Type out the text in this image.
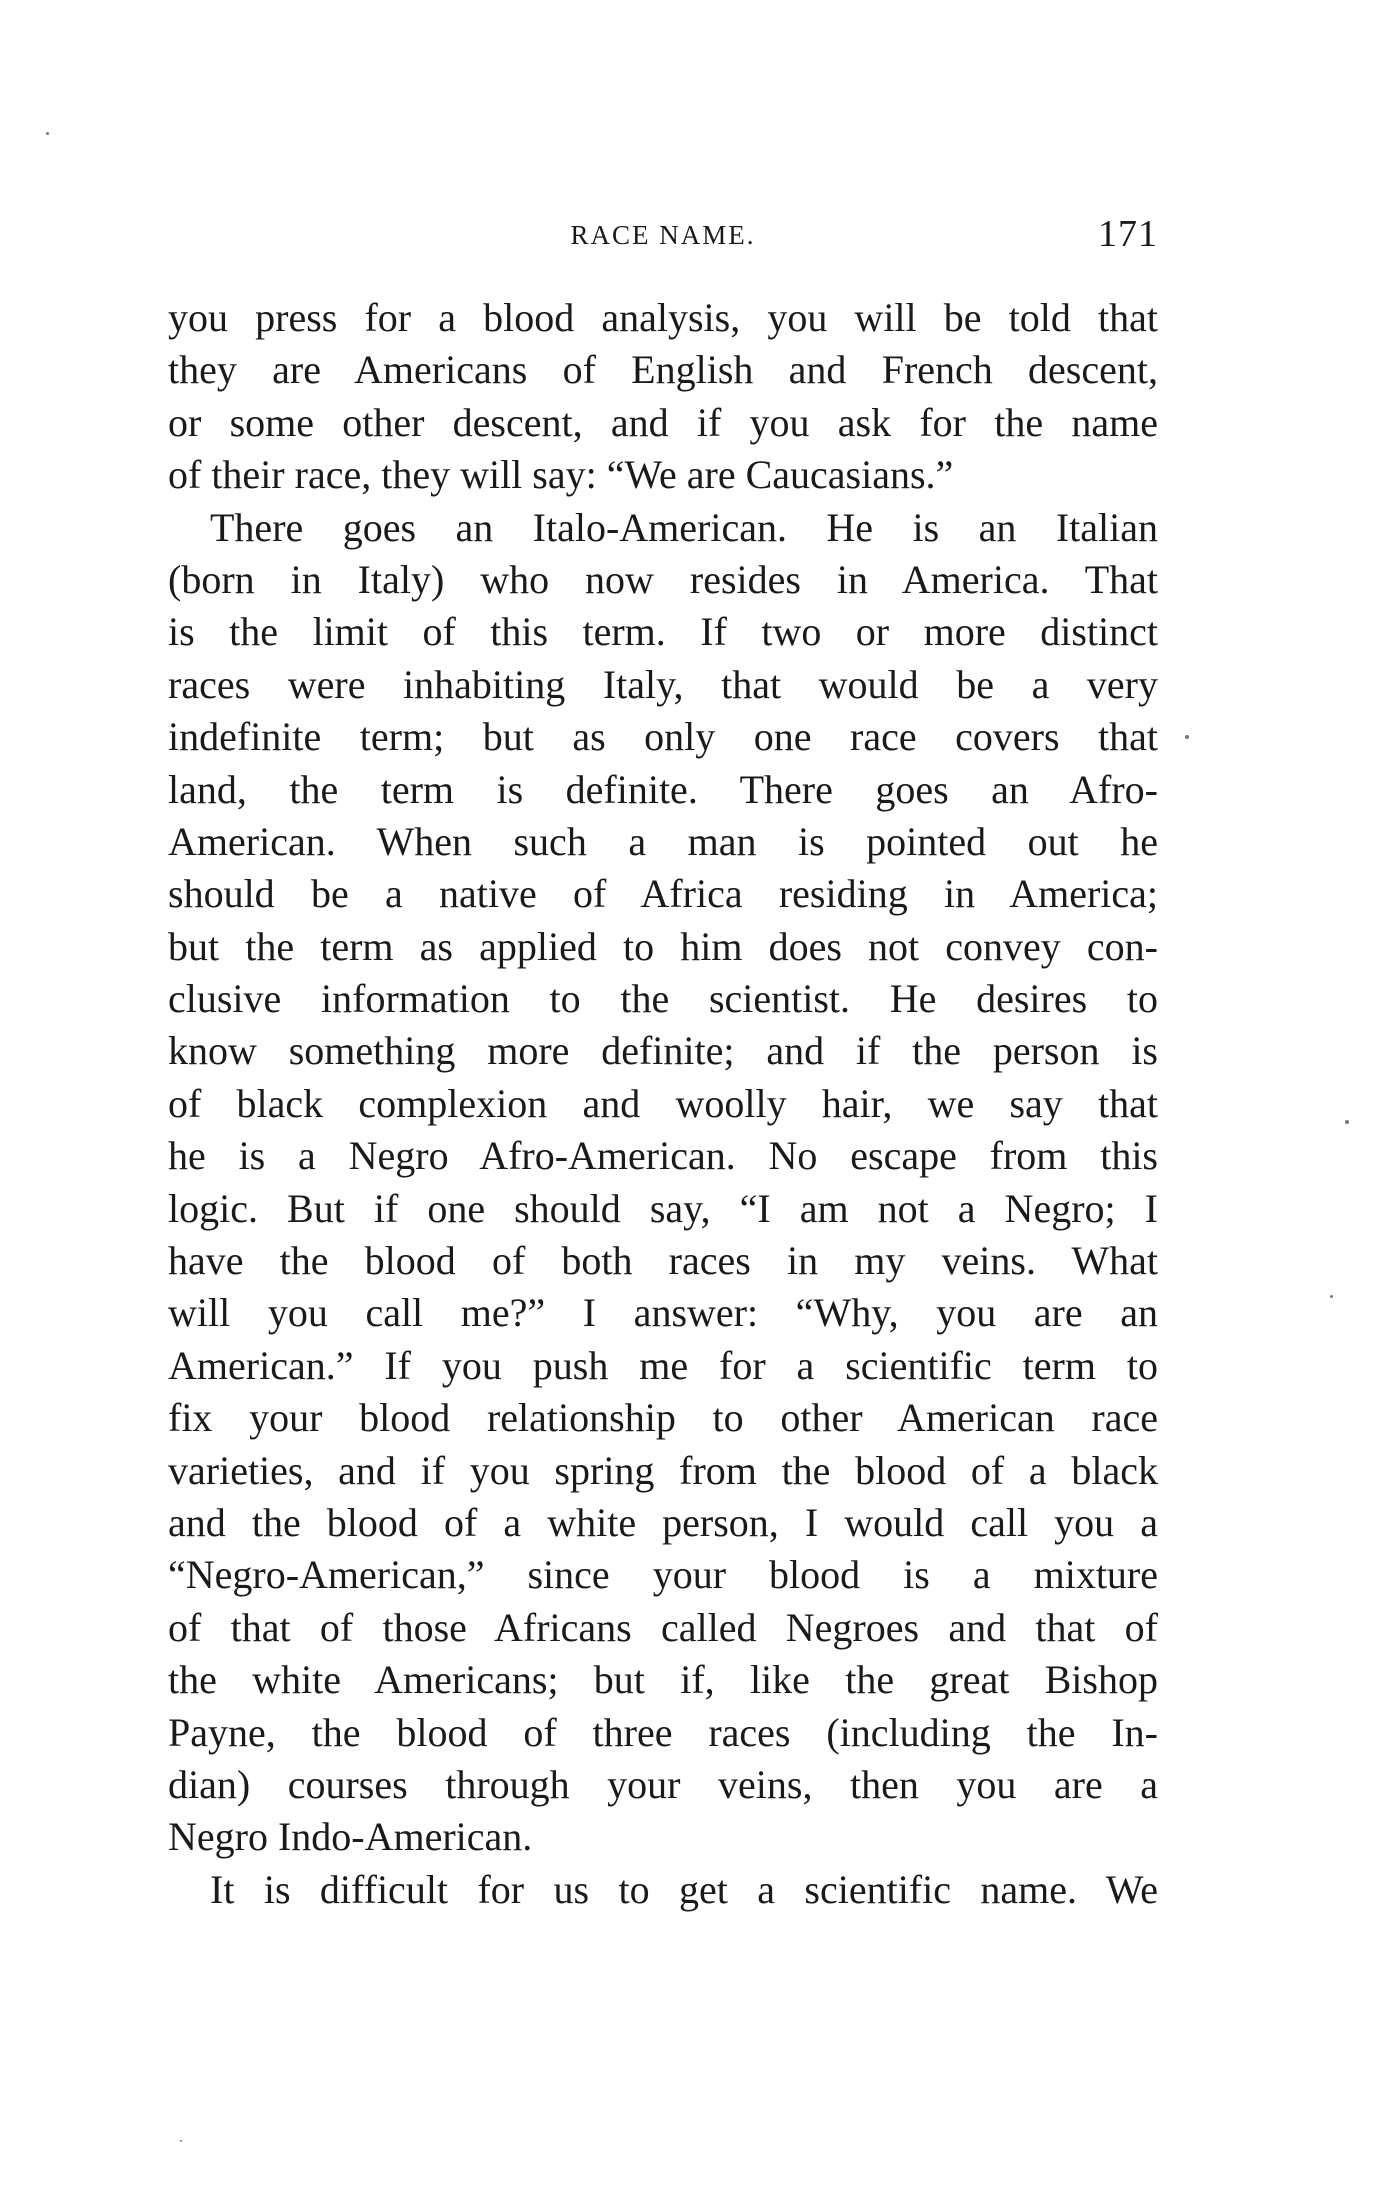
RACE NAME.	171
you press for a blood analysis, you will be told that
they are Americans of English and French descent,
or some other descent, and if you ask for the name
of their race, they will say: “We are Caucasians.”
There goes an Italo-American. He is an Italian
(born in Italy) who now resides in America. That
is the limit of this term. If two or more distinct
races were inhabiting Italy, that would be a very
indefinite term; but as only one race covers that
land, the term is definite. There goes an Afro-
American. When such a man is pointed out he
should be a native of Africa residing in America;
but the term as applied to him does not convey con-
clusive information to the scientist. He desires to
know something more definite; and if the person is
of black complexion and woolly hair, we say that
he is a Negro Afro-American. No escape from this
logic. But if one should say, “I am not a Negro; I
have the blood of both races in my veins. What
will you call me?” I answer: “Why, you are an
American.” If you push me for a scientific term to
fix your blood relationship to other American race
varieties, and if you spring from the blood of a black
and the blood of a white person, I would call you a
“Negro-American,” since your blood is a mixture
of that of those Africans called Negroes and that of
the white Americans; but if, like the great Bishop
Payne, the blood of three races (including the In-
dian) courses through your veins, then you are a
Negro Indo-American.
It is difficult for us to get a scientific name. We
